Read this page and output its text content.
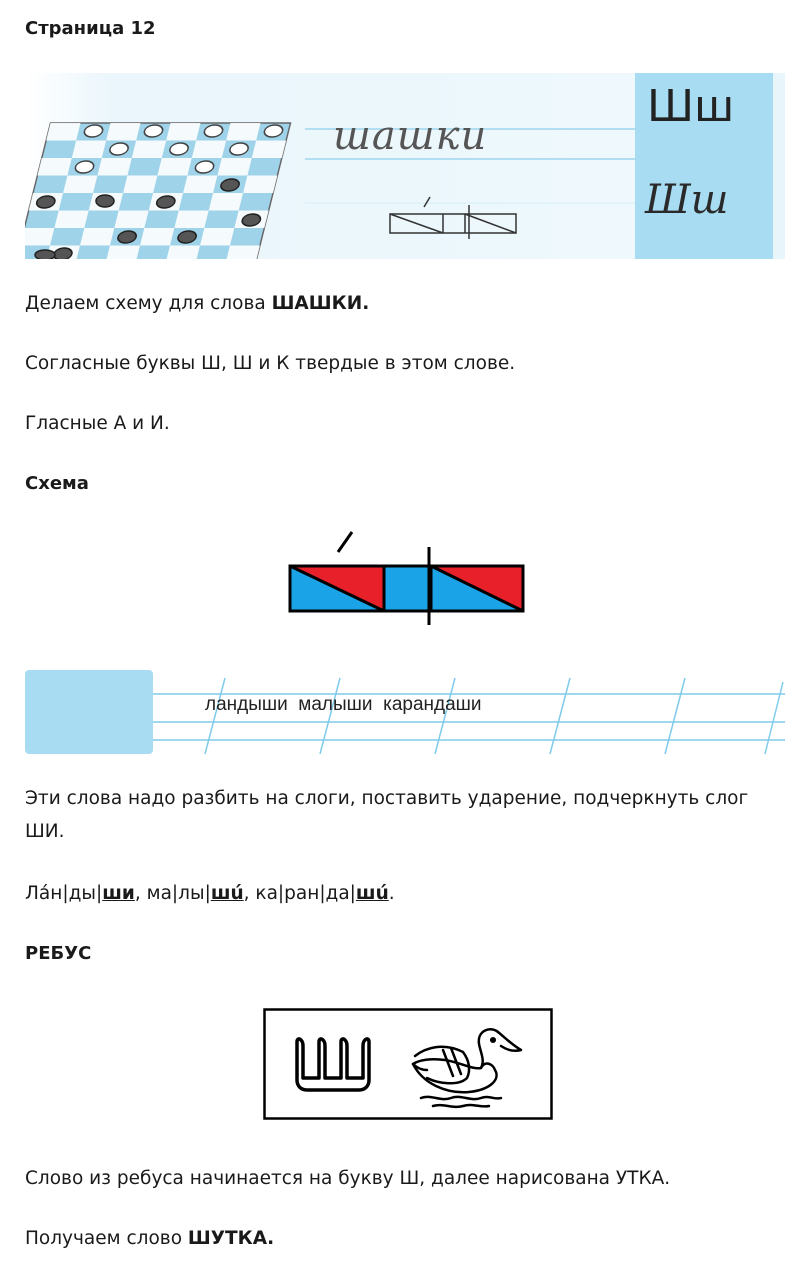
Страница 12
шашки
Шш
Шш
Делаем схему для слова ШАШКИ.
Согласные буквы Ш, Ш и К твердые в этом слове.
Гласные А и И.
Схема
ландыши  малыши  карандаши
Эти слова надо разбить на слоги, поставить ударение, подчеркнуть слог
ШИ.
Ла́н|ды|ши, ма|лы|шú, ка|ран|да|шú.
РЕБУС
Слово из ребуса начинается на букву Ш, далее нарисована УТКА.
Получаем слово ШУТКА.
